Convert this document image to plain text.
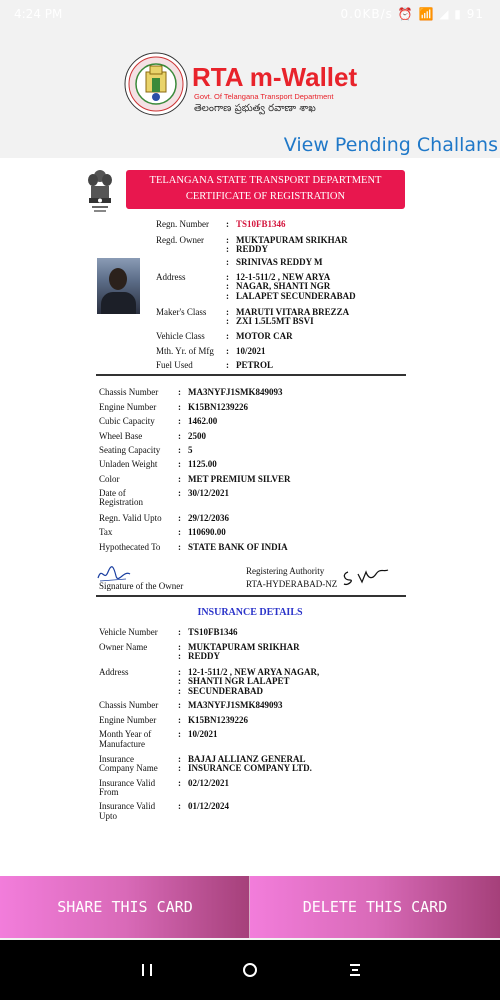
4:24 PM	0.0KB/s ⏰ 📶 ◢ ▮ 91
RTA m-Wallet
Govt. Of Telangana Transport Department
తెలంగాణ ప్రభుత్వ రవాణా శాఖ
View Pending Challans
TELANGANA STATE TRANSPORT DEPARTMENT
CERTIFICATE OF REGISTRATION
Regn. Number : TS10FB1346
Regd. Owner : MUKTAPURAM SRIKHAR
: REDDY
: SRINIVAS REDDY M
Address	: 12-1-511/2 , NEW ARYA
: NAGAR, SHANTI NGR
: LALAPET SECUNDERABAD
Maker's Class : MARUTI VITARA BREZZA
: ZXI 1.5L5MT BSVI
Vehicle Class : MOTOR CAR
Mth. Yr. of Mfg : 10/2021
Fuel Used	: PETROL
Chassis Number : MA3NYFJ1SMK849093
Engine Number : K15BN1239226
Cubic Capacity	: 1462.00
Wheel Base	: 2500
Seating Capacity : 5
Unladen Weight : 1125.00
Color	: MET PREMIUM SILVER
Date of	: 30/12/2021
Registration
Regn. Valid Upto : 29/12/2036
Tax	: 110690.00
Hypothecated To : STATE BANK OF INDIA
Signature of the Owner
Registering Authority
RTA-HYDERABAD-NZ
INSURANCE DETAILS
Vehicle Number : TS10FB1346
Owner Name	: MUKTAPURAM SRIKHAR
: REDDY
Address	: 12-1-511/2 , NEW ARYA NAGAR,
: SHANTI NGR LALAPET
: SECUNDERABAD
Chassis Number : MA3NYFJ1SMK849093
Engine Number : K15BN1239226
Month Year of	: 10/2021
Manufacture
Insurance	: BAJAJ ALLIANZ GENERAL
Company Name : INSURANCE COMPANY LTD.
Insurance Valid	: 02/12/2021
From
Insurance Valid	: 01/12/2024
Upto
SHARE THIS CARD	DELETE THIS CARD
